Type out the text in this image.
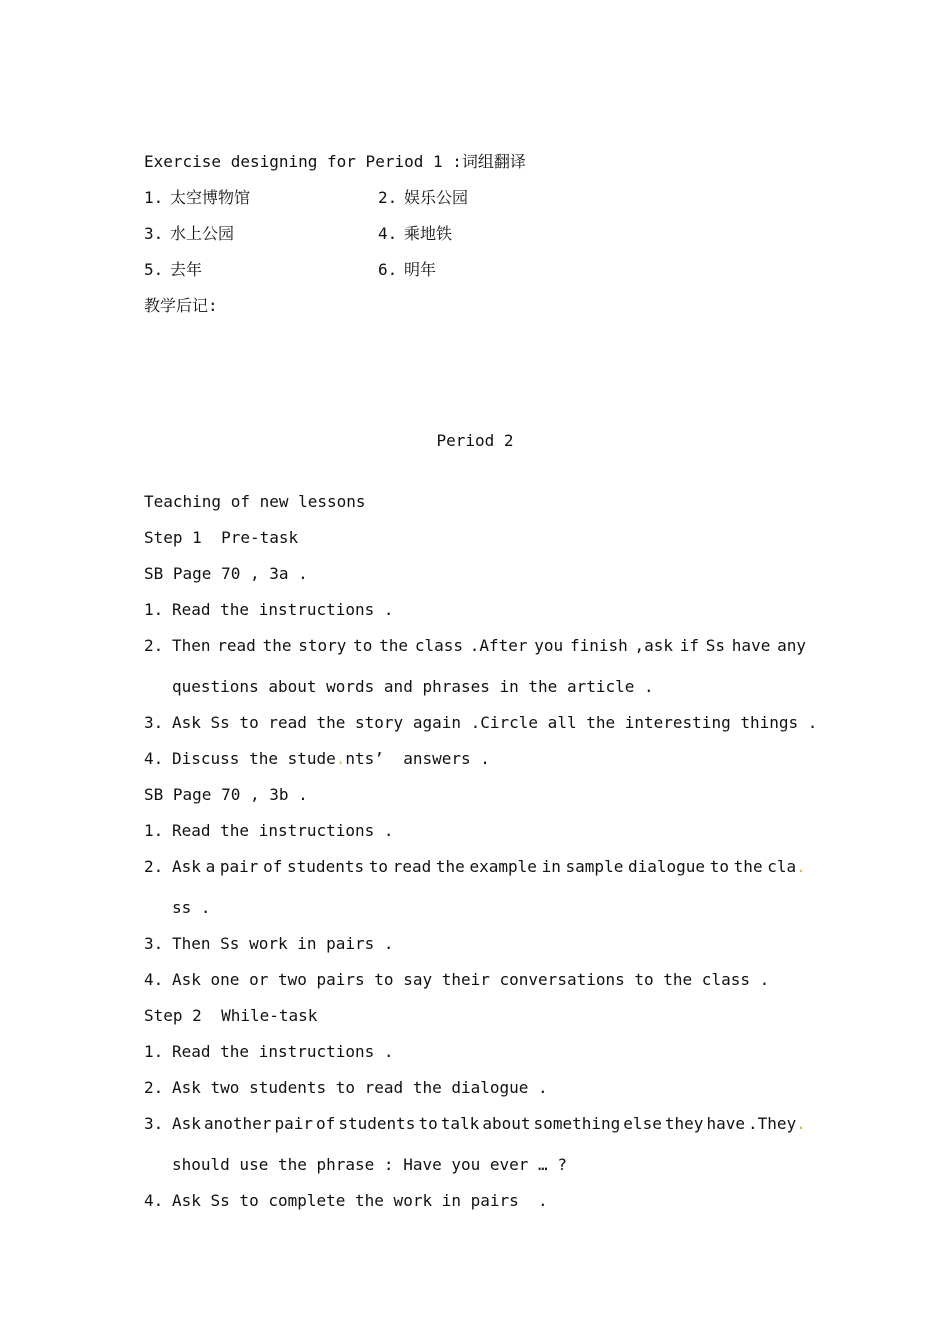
Exercise designing for Period 1 :词组翻译
1. 太空博物馆	2. 娱乐公园
3. 水上公园	4. 乘地铁
5. 去年	6. 明年
教学后记:
Period 2
Teaching of new lessons
Step 1  Pre-task
SB Page 70 , 3a .
1. Read the instructions .
2. Then read the story to the class .After you finish ,ask if Ss have any
questions about words and phrases in the article .
3. Ask Ss to read the story again .Circle all the interesting things .
4. Discuss the stude.nts’  answers .
SB Page 70 , 3b .
1. Read the instructions .
2. Ask a pair of students to read the example in sample dialogue to the cla.
ss .
3. Then Ss work in pairs .
4. Ask one or two pairs to say their conversations to the class .
Step 2  While-task
1. Read the instructions .
2. Ask two students to read the dialogue .
3. Ask another pair of students to talk about something else they have .They.
should use the phrase : Have you ever … ?
4. Ask Ss to complete the work in pairs  .
